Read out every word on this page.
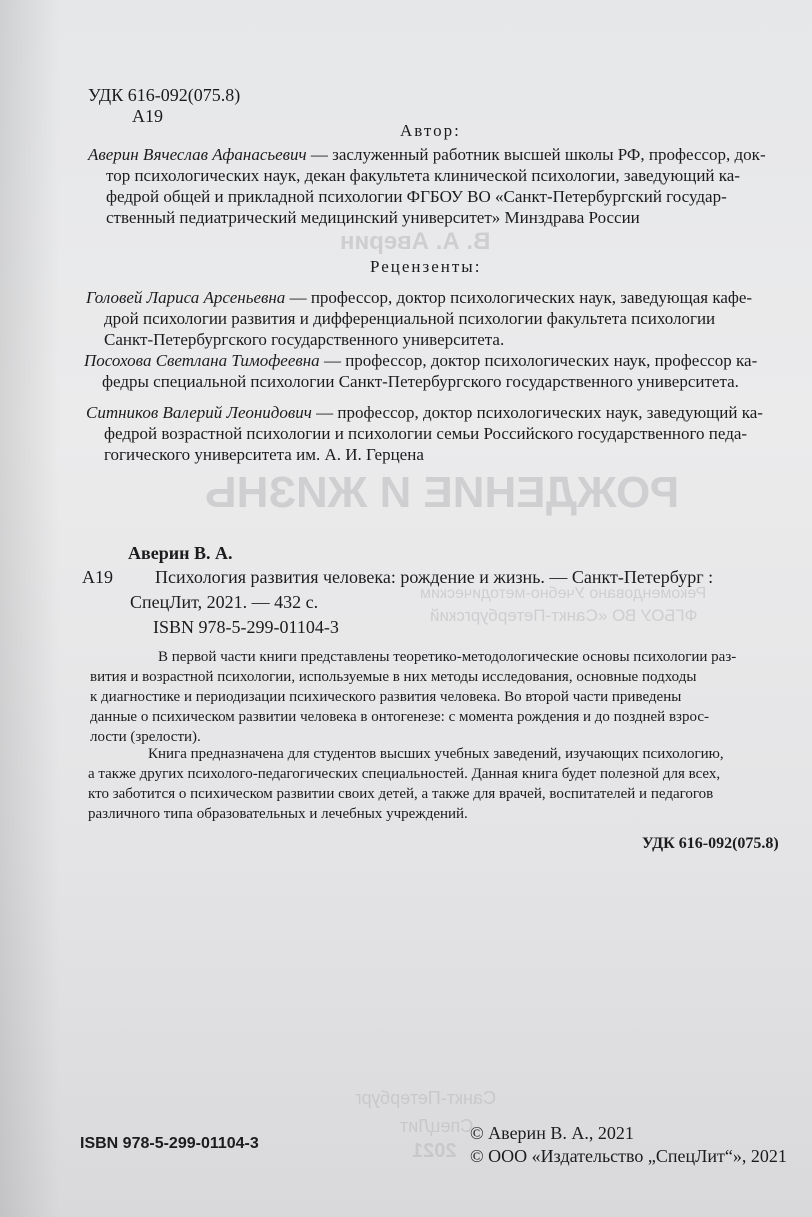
РОЖДЕНИЕ И ЖИЗНЬ
В. А. Аверин
Рекомендовано Учебно-методическим
ФГБОУ ВО «Санкт-Петербургский
Санкт-Петербург
СпецЛит
2021
УДК 616-092(075.8)
A19
Автор:
Аверин Вячеслав Афанасьевич — заслуженный работник высшей школы РФ, профессор, док-
тор психологических наук, декан факультета клинической психологии, заведующий ка-
федрой общей и прикладной психологии ФГБОУ ВО «Санкт-Петербургский государ-
ственный педиатрический медицинский университет» Минздрава России
Рецензенты:
Головей Лариса Арсеньевна — профессор, доктор психологических наук, заведующая кафе-
дрой психологии развития и дифференциальной психологии факультета психологии
Санкт-Петербургского государственного университета.
Посохова Светлана Тимофеевна — профессор, доктор психологических наук, профессор ка-
федры специальной психологии Санкт-Петербургского государственного университета.
Ситников Валерий Леонидович — профессор, доктор психологических наук, заведующий ка-
федрой возрастной психологии и психологии семьи Российского государственного педа-
гогического университета им. А. И. Герцена
Аверин В. А.
А19 Психология развития человека: рождение и жизнь. — Санкт-Петербург :
СпецЛит, 2021. — 432 с.
ISBN 978-5-299-01104-3
В первой части книги представлены теоретико-методологические основы психологии раз-
вития и возрастной психологии, используемые в них методы исследования, основные подходы
к диагностике и периодизации психического развития человека. Во второй части приведены
данные о психическом развитии человека в онтогенезе: с момента рождения и до поздней взрос-
лости (зрелости).
Книга предназначена для студентов высших учебных заведений, изучающих психологию,
а также других психолого-педагогических специальностей. Данная книга будет полезной для всех,
кто заботится о психическом развитии своих детей, а также для врачей, воспитателей и педагогов
различного типа образовательных и лечебных учреждений.
УДК 616-092(075.8)
ISBN 978-5-299-01104-3
© Аверин В. А., 2021
© ООО «Издательство „СпецЛит“», 2021
